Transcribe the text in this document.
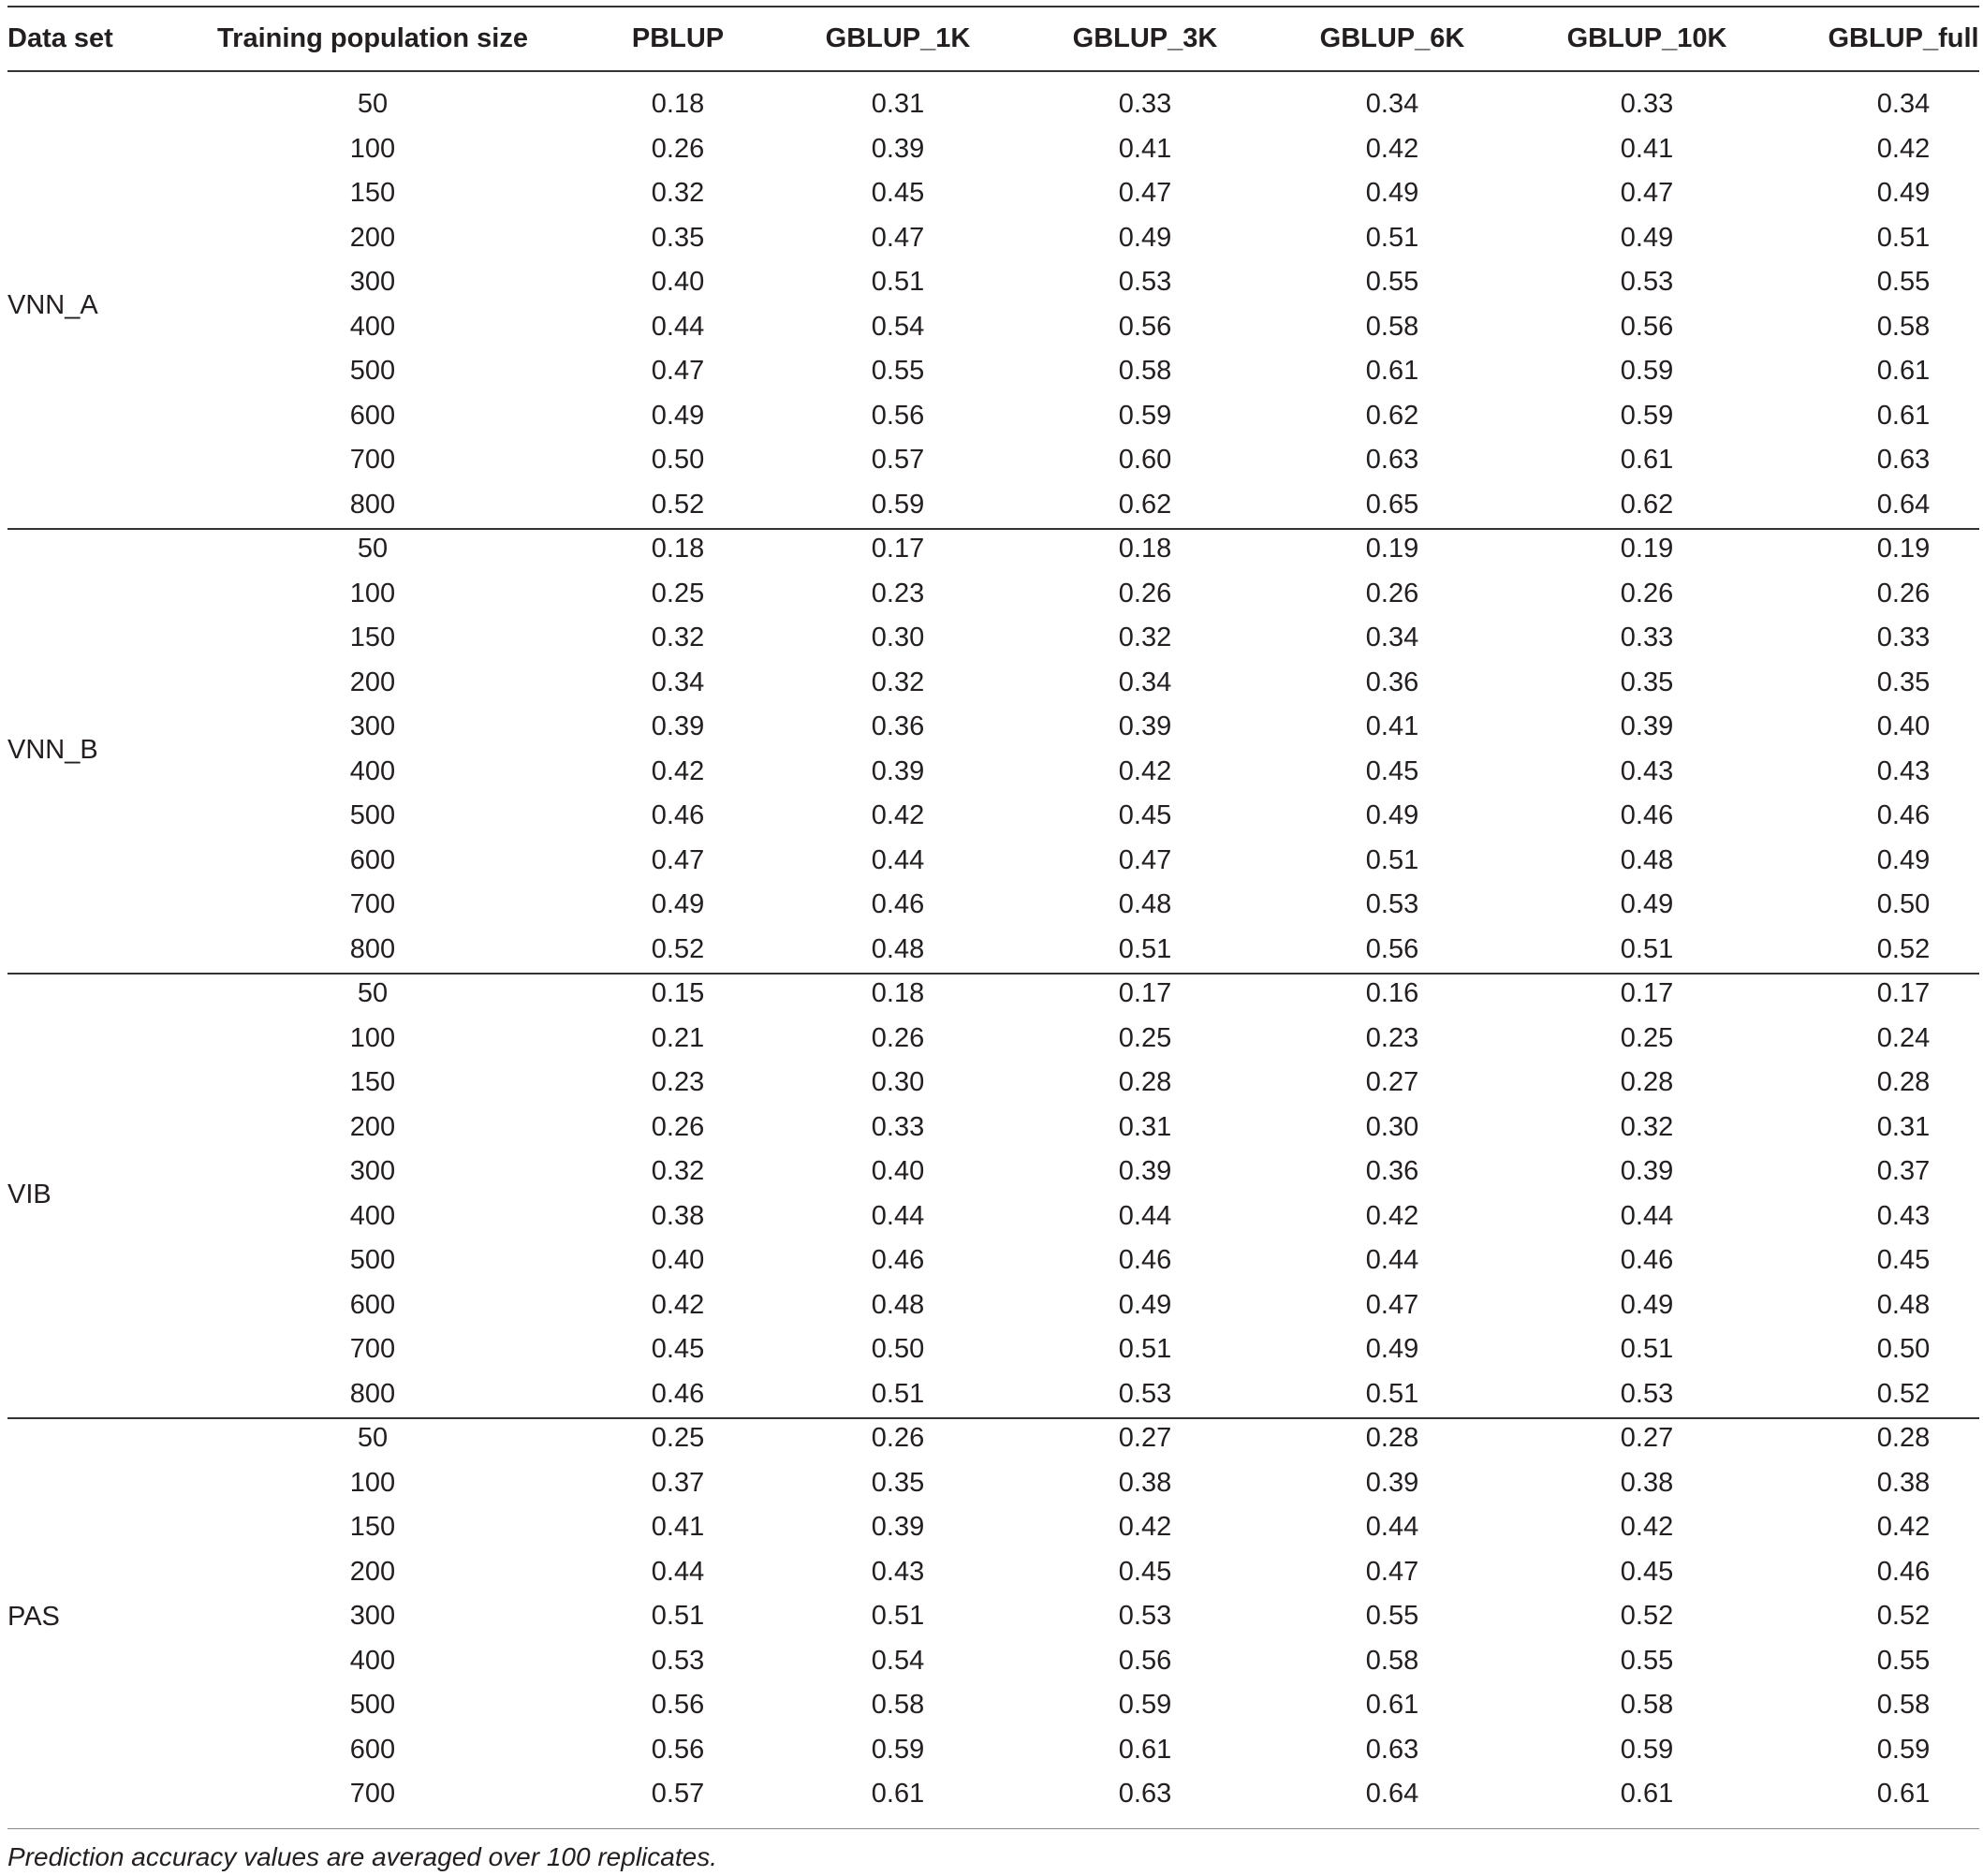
Data set	Training population size	PBLUP	GBLUP_1K	GBLUP_3K	GBLUP_6K	GBLUP_10K	GBLUP_full
VNN_A
50	0.18	0.31	0.33	0.34	0.33	0.34
100	0.26	0.39	0.41	0.42	0.41	0.42
150	0.32	0.45	0.47	0.49	0.47	0.49
200	0.35	0.47	0.49	0.51	0.49	0.51
300	0.40	0.51	0.53	0.55	0.53	0.55
400	0.44	0.54	0.56	0.58	0.56	0.58
500	0.47	0.55	0.58	0.61	0.59	0.61
600	0.49	0.56	0.59	0.62	0.59	0.61
700	0.50	0.57	0.60	0.63	0.61	0.63
800	0.52	0.59	0.62	0.65	0.62	0.64
VNN_B
50	0.18	0.17	0.18	0.19	0.19	0.19
100	0.25	0.23	0.26	0.26	0.26	0.26
150	0.32	0.30	0.32	0.34	0.33	0.33
200	0.34	0.32	0.34	0.36	0.35	0.35
300	0.39	0.36	0.39	0.41	0.39	0.40
400	0.42	0.39	0.42	0.45	0.43	0.43
500	0.46	0.42	0.45	0.49	0.46	0.46
600	0.47	0.44	0.47	0.51	0.48	0.49
700	0.49	0.46	0.48	0.53	0.49	0.50
800	0.52	0.48	0.51	0.56	0.51	0.52
VIB
50	0.15	0.18	0.17	0.16	0.17	0.17
100	0.21	0.26	0.25	0.23	0.25	0.24
150	0.23	0.30	0.28	0.27	0.28	0.28
200	0.26	0.33	0.31	0.30	0.32	0.31
300	0.32	0.40	0.39	0.36	0.39	0.37
400	0.38	0.44	0.44	0.42	0.44	0.43
500	0.40	0.46	0.46	0.44	0.46	0.45
600	0.42	0.48	0.49	0.47	0.49	0.48
700	0.45	0.50	0.51	0.49	0.51	0.50
800	0.46	0.51	0.53	0.51	0.53	0.52
PAS
50	0.25	0.26	0.27	0.28	0.27	0.28
100	0.37	0.35	0.38	0.39	0.38	0.38
150	0.41	0.39	0.42	0.44	0.42	0.42
200	0.44	0.43	0.45	0.47	0.45	0.46
300	0.51	0.51	0.53	0.55	0.52	0.52
400	0.53	0.54	0.56	0.58	0.55	0.55
500	0.56	0.58	0.59	0.61	0.58	0.58
600	0.56	0.59	0.61	0.63	0.59	0.59
700	0.57	0.61	0.63	0.64	0.61	0.61
Prediction accuracy values are averaged over 100 replicates.
